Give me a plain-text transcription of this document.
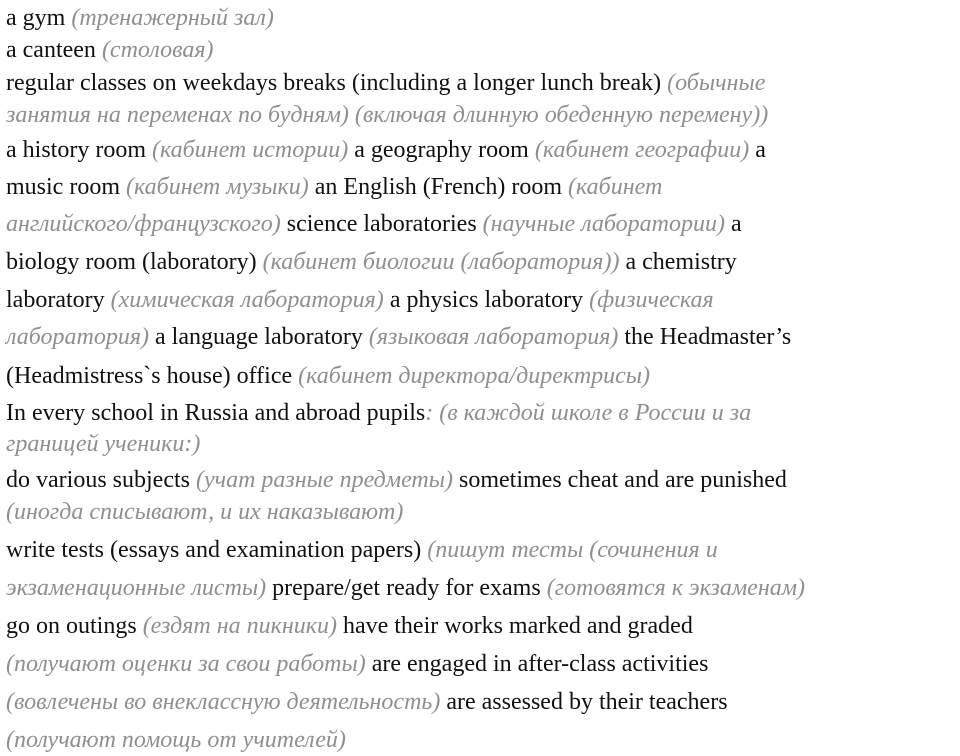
a gym (тренажерный зал)
a canteen (столовая)
regular classes on weekdays breaks (including a longer lunch break) (обычные
занятия на переменах по будням) (включая длинную обеденную перемену))
a history room (кабинет истории) a geography room (кабинет географии) a
music room (кабинет музыки) an English (French) room (кабинет
английского/французского) science laboratories (научные лаборатории) a
biology room (laboratory) (кабинет биологии (лаборатория)) a chemistry
laboratory (химическая лаборатория) a physics laboratory (физическая
лаборатория) a language laboratory (языковая лаборатория) the Headmaster’s
(Headmistress`s house) office (кабинет директора/директрисы)
In every school in Russia and abroad pupils: (в каждой школе в России и за
границей ученики:)
do various subjects (учат разные предметы) sometimes cheat and are punished
(иногда списывают, и их наказывают)
write tests (essays and examination papers) (пишут тесты (сочинения и
экзаменационные листы) prepare/get ready for exams (готовятся к экзаменам)
go on outings (ездят на пикники) have their works marked and graded
(получают оценки за свои работы) are engaged in after-class activities
(вовлечены во внеклассную деятельность) are assessed by their teachers
(получают помощь от учителей)
